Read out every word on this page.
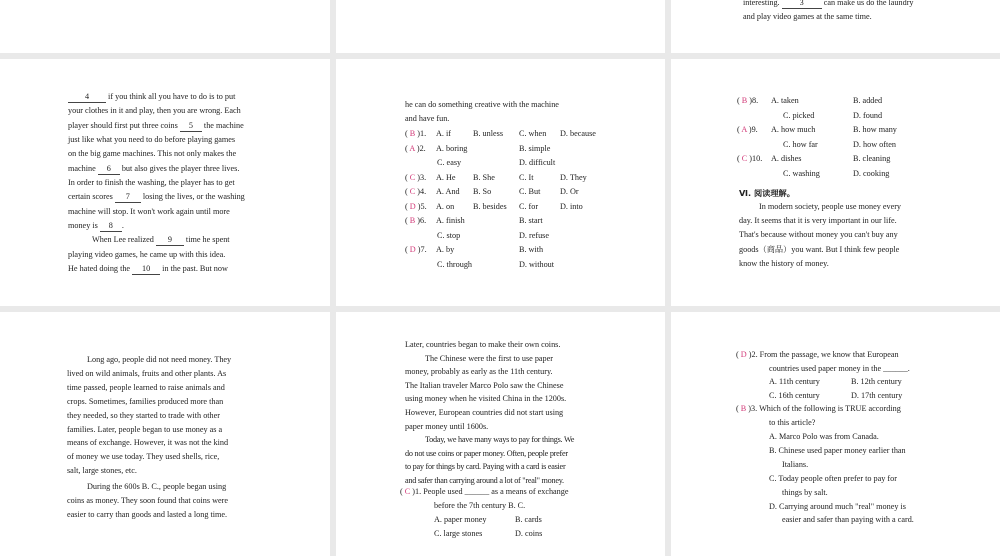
interesting. 3 can make us do the laundry
and play video games at the same time.
4 if you think all you have to do is to put
your clothes in it and play, then you are wrong. Each
player should first put three coins 5 the machine
just like what you need to do before playing games
on the big game machines. This not only makes the
machine 6 but also gives the player three lives.
In order to finish the washing, the player has to get
certain scores 7 losing the lives, or the washing
machine will stop. It won't work again until more
money is 8 .
When Lee realized 9 time he spent
playing video games, he came up with this idea.
He hated doing the 10 in the past. But now
he can do something creative with the machine
and have fun.
( B )1. A. if	B. unless C. when D. because
( A )2. A. boring	B. simple
C. easy	D. difficult
( C )3. A. He B. She	C. It	D. They
( C )4. A. And B. So	C. But D. Or
( D )5. A. on B. besides C. for	D. into
( B )6. A. finish	B. start
C. stop	D. refuse
( D )7. A. by	B. with
C. through	D. without
( B )8. A. taken	B. added
C. picked	D. found
( A )9. A. how much	B. how many
C. how far	D. how often
( C )10. A. dishes	B. cleaning
C. washing	D. cooking
Ⅵ. 阅读理解。
In modern society, people use money every
day. It seems that it is very important in our life.
That's because without money you can't buy any
goods（商品）you want. But I think few people
know the history of money.
Long ago, people did not need money. They
lived on wild animals, fruits and other plants. As
time passed, people learned to raise animals and
crops. Sometimes, families produced more than
they needed, so they started to trade with other
families. Later, people began to use money as a
means of exchange. However, it was not the kind
of money we use today. They used shells, rice,
salt, large stones, etc.
During the 600s B. C., people began using
coins as money. They soon found that coins were
easier to carry than goods and lasted a long time.
Later, countries began to make their own coins.
The Chinese were the first to use paper
money, probably as early as the 11th century.
The Italian traveler Marco Polo saw the Chinese
using money when he visited China in the 1200s.
However, European countries did not start using
paper money until 1600s.
Today, we have many ways to pay for things. We
do not use coins or paper money. Often, people prefer
to pay for things by card. Paying with a card is easier
and safer than carrying around a lot of "real" money.
( C )1. People used ______ as a means of exchange
before the 7th century B. C.
A. paper money	B. cards
C. large stones	D. coins
( D )2. From the passage, we know that European
countries used paper money in the ______.
A. 11th century	B. 12th century
C. 16th century	D. 17th century
( B )3. Which of the following is TRUE according
to this article?
A. Marco Polo was from Canada.
B. Chinese used paper money earlier than
Italians.
C. Today people often prefer to pay for
things by salt.
D. Carrying around much "real" money is
easier and safer than paying with a card.
